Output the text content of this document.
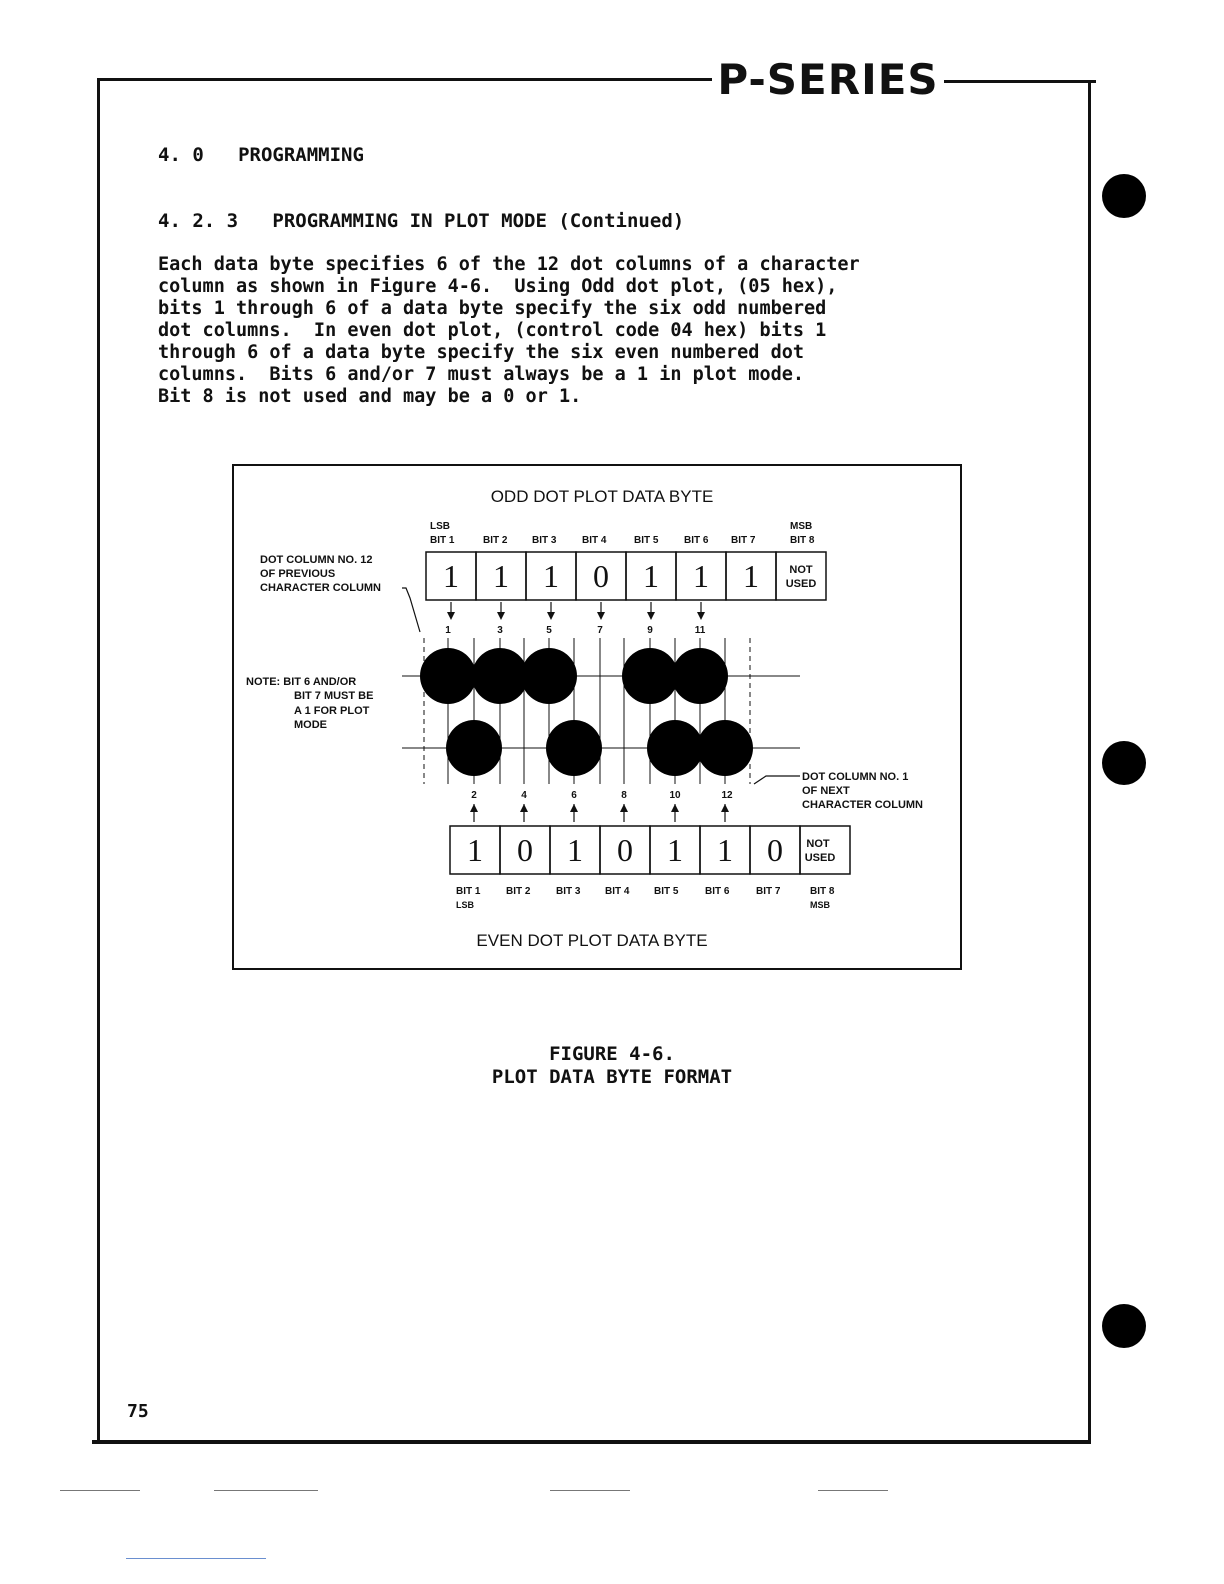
P-SERIES
4. 0   PROGRAMMING
4. 2. 3   PROGRAMMING IN PLOT MODE (Continued)
Each data byte specifies 6 of the 12 dot columns of a character
column as shown in Figure 4-6.  Using Odd dot plot, (05 hex),
bits 1 through 6 of a data byte specify the six odd numbered
dot columns.  In even dot plot, (control code 04 hex) bits 1
through 6 of a data byte specify the six even numbered dot
columns.  Bits 6 and/or 7 must always be a 1 in plot mode.
Bit 8 is not used and may be a 0 or 1.
ODD DOT PLOT DATA BYTE
EVEN DOT PLOT DATA BYTE
LSB	MSB
BIT 1	BIT 2 BIT 3	BIT 4	BIT 5	BIT 6 BIT 7	BIT 8
1 1 1 0 1 1 1	NOT
USED
DOT COLUMN NO. 12
OF PREVIOUS
CHARACTER COLUMN
1	3	5	7	9	11
NOTE: BIT 6 AND/OR
BIT 7 MUST BE
A 1 FOR PLOT
MODE
2	4	6	8	10	12
DOT COLUMN NO. 1
OF NEXT
CHARACTER COLUMN
1 0 1 0 1 1 0 NOT
USED
BIT 1	BIT 2	BIT 3 BIT 4 BIT 5	BIT 6	BIT 7	BIT 8
LSB	MSB
FIGURE 4-6.
PLOT DATA BYTE FORMAT
75
